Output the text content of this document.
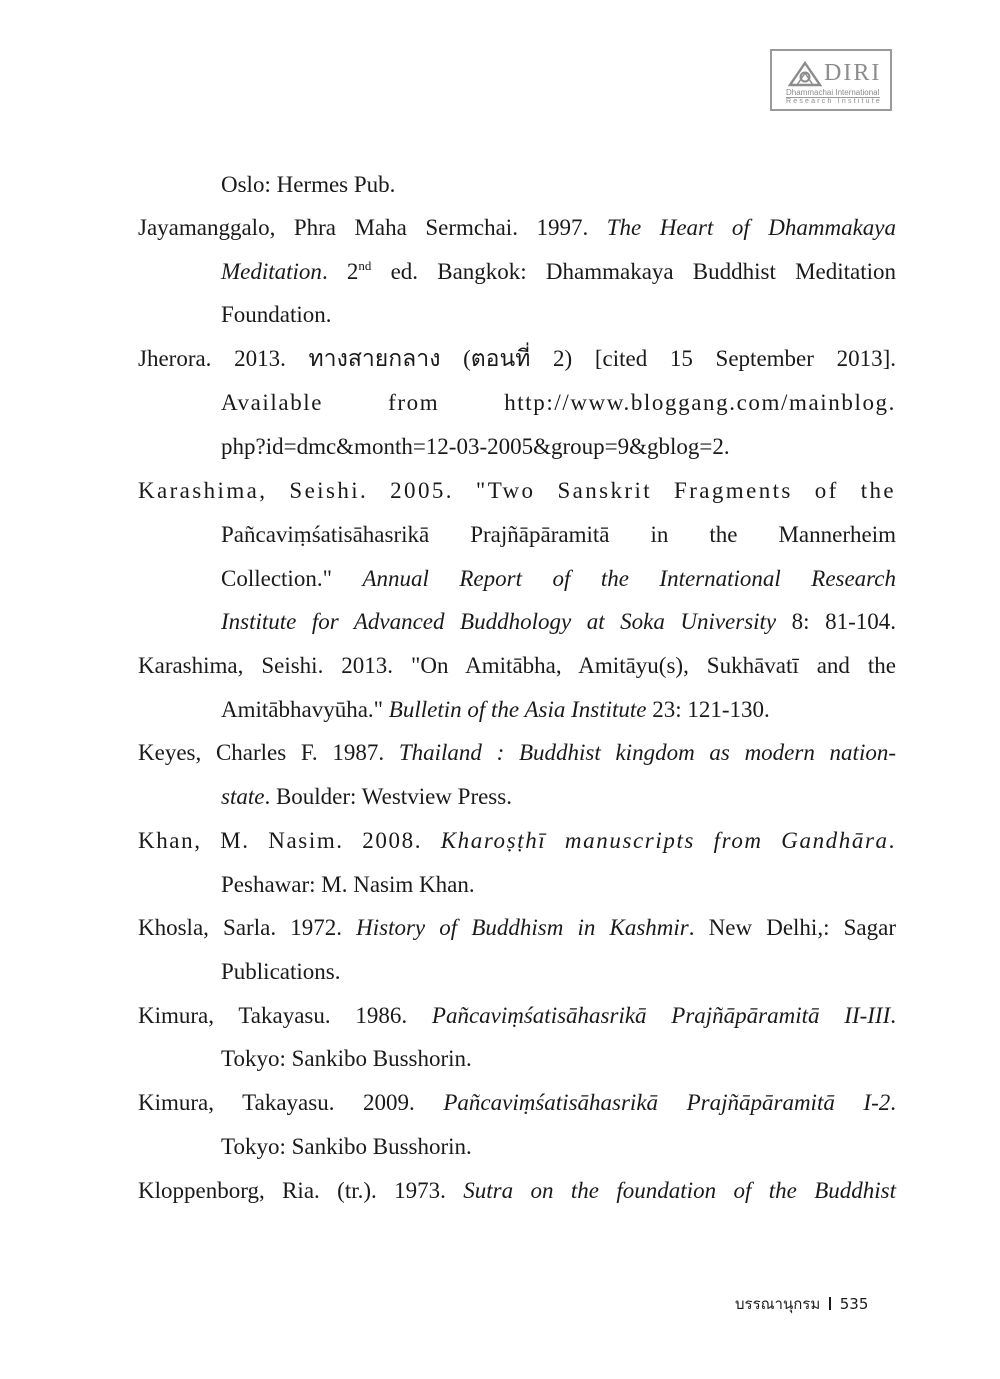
DIRI
Dhammachai International
Research Institute
Oslo: Hermes Pub.
Jayamanggalo, Phra Maha Sermchai. 1997. The Heart of Dhammakaya
Meditation. 2nd ed. Bangkok: Dhammakaya Buddhist Meditation
Foundation.
Jherora. 2013. ทางสายกลาง (ตอนที่ 2) [cited 15 September 2013].
Available from http://www.bloggang.com/mainblog.
php?id=dmc&month=12-03-2005&group=9&gblog=2.
Karashima, Seishi. 2005. "Two Sanskrit Fragments of the
Pañcaviṃśatisāhasrikā Prajñāpāramitā in the Mannerheim
Collection." Annual Report of the International Research
Institute for Advanced Buddhology at Soka University 8: 81-104.
Karashima, Seishi. 2013. "On Amitābha, Amitāyu(s), Sukhāvatī and the
Amitābhavyūha." Bulletin of the Asia Institute 23: 121-130.
Keyes, Charles F. 1987. Thailand : Buddhist kingdom as modern nation-
state. Boulder: Westview Press.
Khan, M. Nasim. 2008. Kharoṣṭhī manuscripts from Gandhāra.
Peshawar: M. Nasim Khan.
Khosla, Sarla. 1972. History of Buddhism in Kashmir. New Delhi,: Sagar
Publications.
Kimura, Takayasu. 1986. Pañcaviṃśatisāhasrikā Prajñāpāramitā II-III.
Tokyo: Sankibo Busshorin.
Kimura, Takayasu. 2009. Pañcaviṃśatisāhasrikā Prajñāpāramitā I-2.
Tokyo: Sankibo Busshorin.
Kloppenborg, Ria. (tr.). 1973. Sutra on the foundation of the Buddhist
บรรณานุกรม 535
